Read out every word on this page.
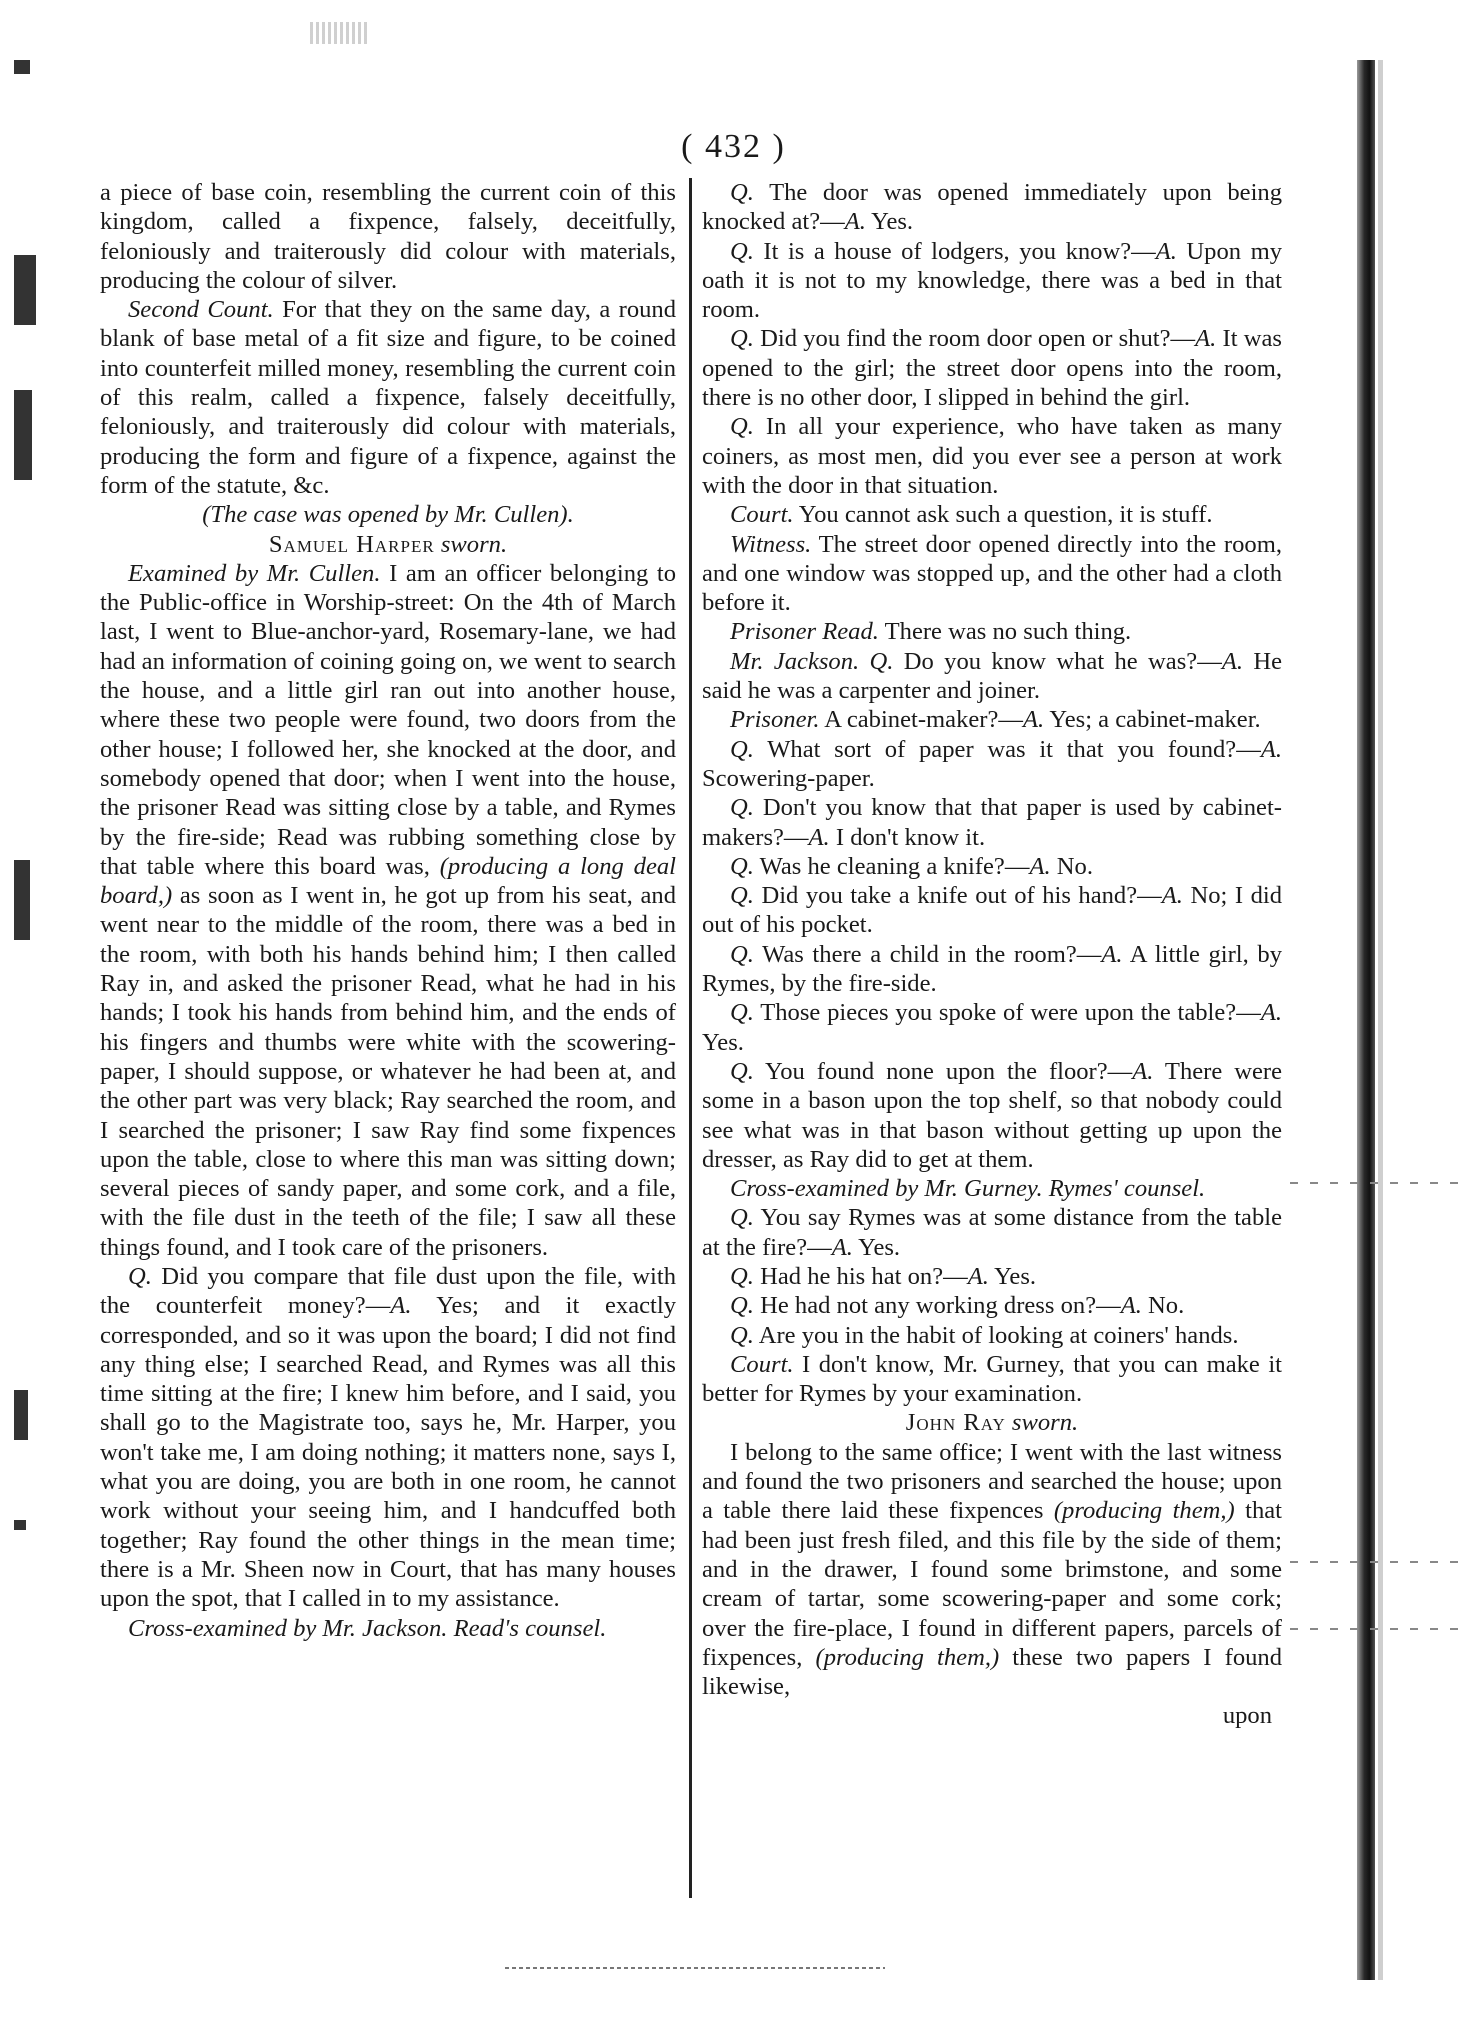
( 432 )

a piece of base coin, resembling the current coin of this kingdom, called a fixpence, falsely, deceitfully, feloniously and traiterously did colour with materials, producing the colour of silver.

Second Count. For that they on the same day, a round blank of base metal of a fit size and figure, to be coined into counterfeit milled money, resembling the current coin of this realm, called a fixpence, falsely deceitfully, feloniously, and traiterously did colour with materials, producing the form and figure of a fixpence, against the form of the statute, &c.

(The case was opened by Mr. Cullen).

Samuel Harper sworn.

Examined by Mr. Cullen. I am an officer belonging to the Public-office in Worship-street: On the 4th of March last, I went to Blue-anchor-yard, Rosemary-lane, we had had an information of coining going on, we went to search the house, and a little girl ran out into another house, where these two people were found, two doors from the other house; I followed her, she knocked at the door, and somebody opened that door; when I went into the house, the prisoner Read was sitting close by a table, and Rymes by the fire-side; Read was rubbing something close by that table where this board was, (producing a long deal board,) as soon as I went in, he got up from his seat, and went near to the middle of the room, there was a bed in the room, with both his hands behind him; I then called Ray in, and asked the prisoner Read, what he had in his hands; I took his hands from behind him, and the ends of his fingers and thumbs were white with the scowering-paper, I should suppose, or whatever he had been at, and the other part was very black; Ray searched the room, and I searched the prisoner; I saw Ray find some fixpences upon the table, close to where this man was sitting down; several pieces of sandy paper, and some cork, and a file, with the file dust in the teeth of the file; I saw all these things found, and I took care of the prisoners.

Q. Did you compare that file dust upon the file, with the counterfeit money?—A. Yes; and it exactly corresponded, and so it was upon the board; I did not find any thing else; I searched Read, and Rymes was all this time sitting at the fire; I knew him before, and I said, you shall go to the Magistrate too, says he, Mr. Harper, you won't take me, I am doing nothing; it matters none, says I, what you are doing, you are both in one room, he cannot work without your seeing him, and I handcuffed both together; Ray found the other things in the mean time; there is a Mr. Sheen now in Court, that has many houses upon the spot, that I called in to my assistance.

Cross-examined by Mr. Jackson. Read's counsel.

Q. The door was opened immediately upon being knocked at?—A. Yes.

Q. It is a house of lodgers, you know?—A. Upon my oath it is not to my knowledge, there was a bed in that room.

Q. Did you find the room door open or shut?—A. It was opened to the girl; the street door opens into the room, there is no other door, I slipped in behind the girl.

Q. In all your experience, who have taken as many coiners, as most men, did you ever see a person at work with the door in that situation.

Court. You cannot ask such a question, it is stuff.

Witness. The street door opened directly into the room, and one window was stopped up, and the other had a cloth before it.

Prisoner Read. There was no such thing.

Mr. Jackson. Q. Do you know what he was?—A. He said he was a carpenter and joiner.

Prisoner. A cabinet-maker?—A. Yes; a cabinet-maker.

Q. What sort of paper was it that you found?—A. Scowering-paper.

Q. Don't you know that that paper is used by cabinet-makers?—A. I don't know it.

Q. Was he cleaning a knife?—A. No.

Q. Did you take a knife out of his hand?—A. No; I did out of his pocket.

Q. Was there a child in the room?—A. A little girl, by Rymes, by the fire-side.

Q. Those pieces you spoke of were upon the table?—A. Yes.

Q. You found none upon the floor?—A. There were some in a bason upon the top shelf, so that nobody could see what was in that bason without getting up upon the dresser, as Ray did to get at them.

Cross-examined by Mr. Gurney. Rymes' counsel.

Q. You say Rymes was at some distance from the table at the fire?—A. Yes.

Q. Had he his hat on?—A. Yes.

Q. He had not any working dress on?—A. No.

Q. Are you in the habit of looking at coiners' hands.

Court. I don't know, Mr. Gurney, that you can make it better for Rymes by your examination.

John Ray sworn.

I belong to the same office; I went with the last witness and found the two prisoners and searched the house; upon a table there laid these fixpences (producing them,) that had been just fresh filed, and this file by the side of them; and in the drawer, I found some brimstone, and some cream of tartar, some scowering-paper and some cork; over the fire-place, I found in different papers, parcels of fixpences, (producing them,) these two papers I found likewise,

upon
